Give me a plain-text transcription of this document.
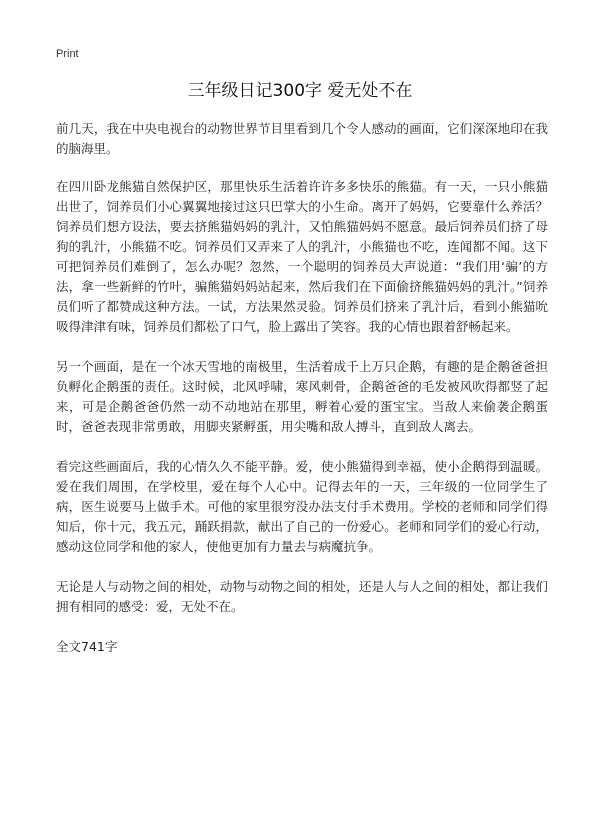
Print
三年级日记300字 爱无处不在

前几天，我在中央电视台的动物世界节目里看到几个令人感动的画面，它们深深地印在我的脑海里。

在四川卧龙熊猫自然保护区，那里快乐生活着许许多多快乐的熊猫。有一天，一只小熊猫出世了，饲养员们小心翼翼地接过这只巴掌大的小生命。离开了妈妈，它要靠什么养活？饲养员们想方设法，要去挤熊猫妈妈的乳汁，又怕熊猫妈妈不愿意。最后饲养员们挤了母狗的乳汁，小熊猫不吃。饲养员们又弄来了人的乳汁，小熊猫也不吃，连闻都不闻。这下可把饲养员们难倒了，怎么办呢？忽然，一个聪明的饲养员大声说道：“我们用‘骗’的方法，拿一些新鲜的竹叶，骗熊猫妈妈站起来，然后我们在下面偷挤熊猫妈妈的乳汁。”饲养员们听了都赞成这种方法。一试，方法果然灵验。饲养员们挤来了乳汁后，看到小熊猫吮吸得津津有味，饲养员们都松了口气，脸上露出了笑容。我的心情也跟着舒畅起来。

另一个画面，是在一个冰天雪地的南极里，生活着成千上万只企鹅，有趣的是企鹅爸爸担负孵化企鹅蛋的责任。这时候，北风呼啸，寒风刺骨，企鹅爸爸的毛发被风吹得都竖了起来，可是企鹅爸爸仍然一动不动地站在那里，孵着心爱的蛋宝宝。当敌人来偷袭企鹅蛋时，爸爸表现非常勇敢，用脚夹紧孵蛋，用尖嘴和敌人搏斗，直到敌人离去。

看完这些画面后，我的心情久久不能平静。爱，使小熊猫得到幸福，使小企鹅得到温暖。爱在我们周围，在学校里，爱在每个人心中。记得去年的一天，三年级的一位同学生了病，医生说要马上做手术。可他的家里很穷没办法支付手术费用。学校的老师和同学们得知后，你十元，我五元，踊跃捐款，献出了自己的一份爱心。老师和同学们的爱心行动，感动这位同学和他的家人，使他更加有力量去与病魔抗争。

无论是人与动物之间的相处，动物与动物之间的相处，还是人与人之间的相处，都让我们拥有相同的感受：爱，无处不在。

全文741字
